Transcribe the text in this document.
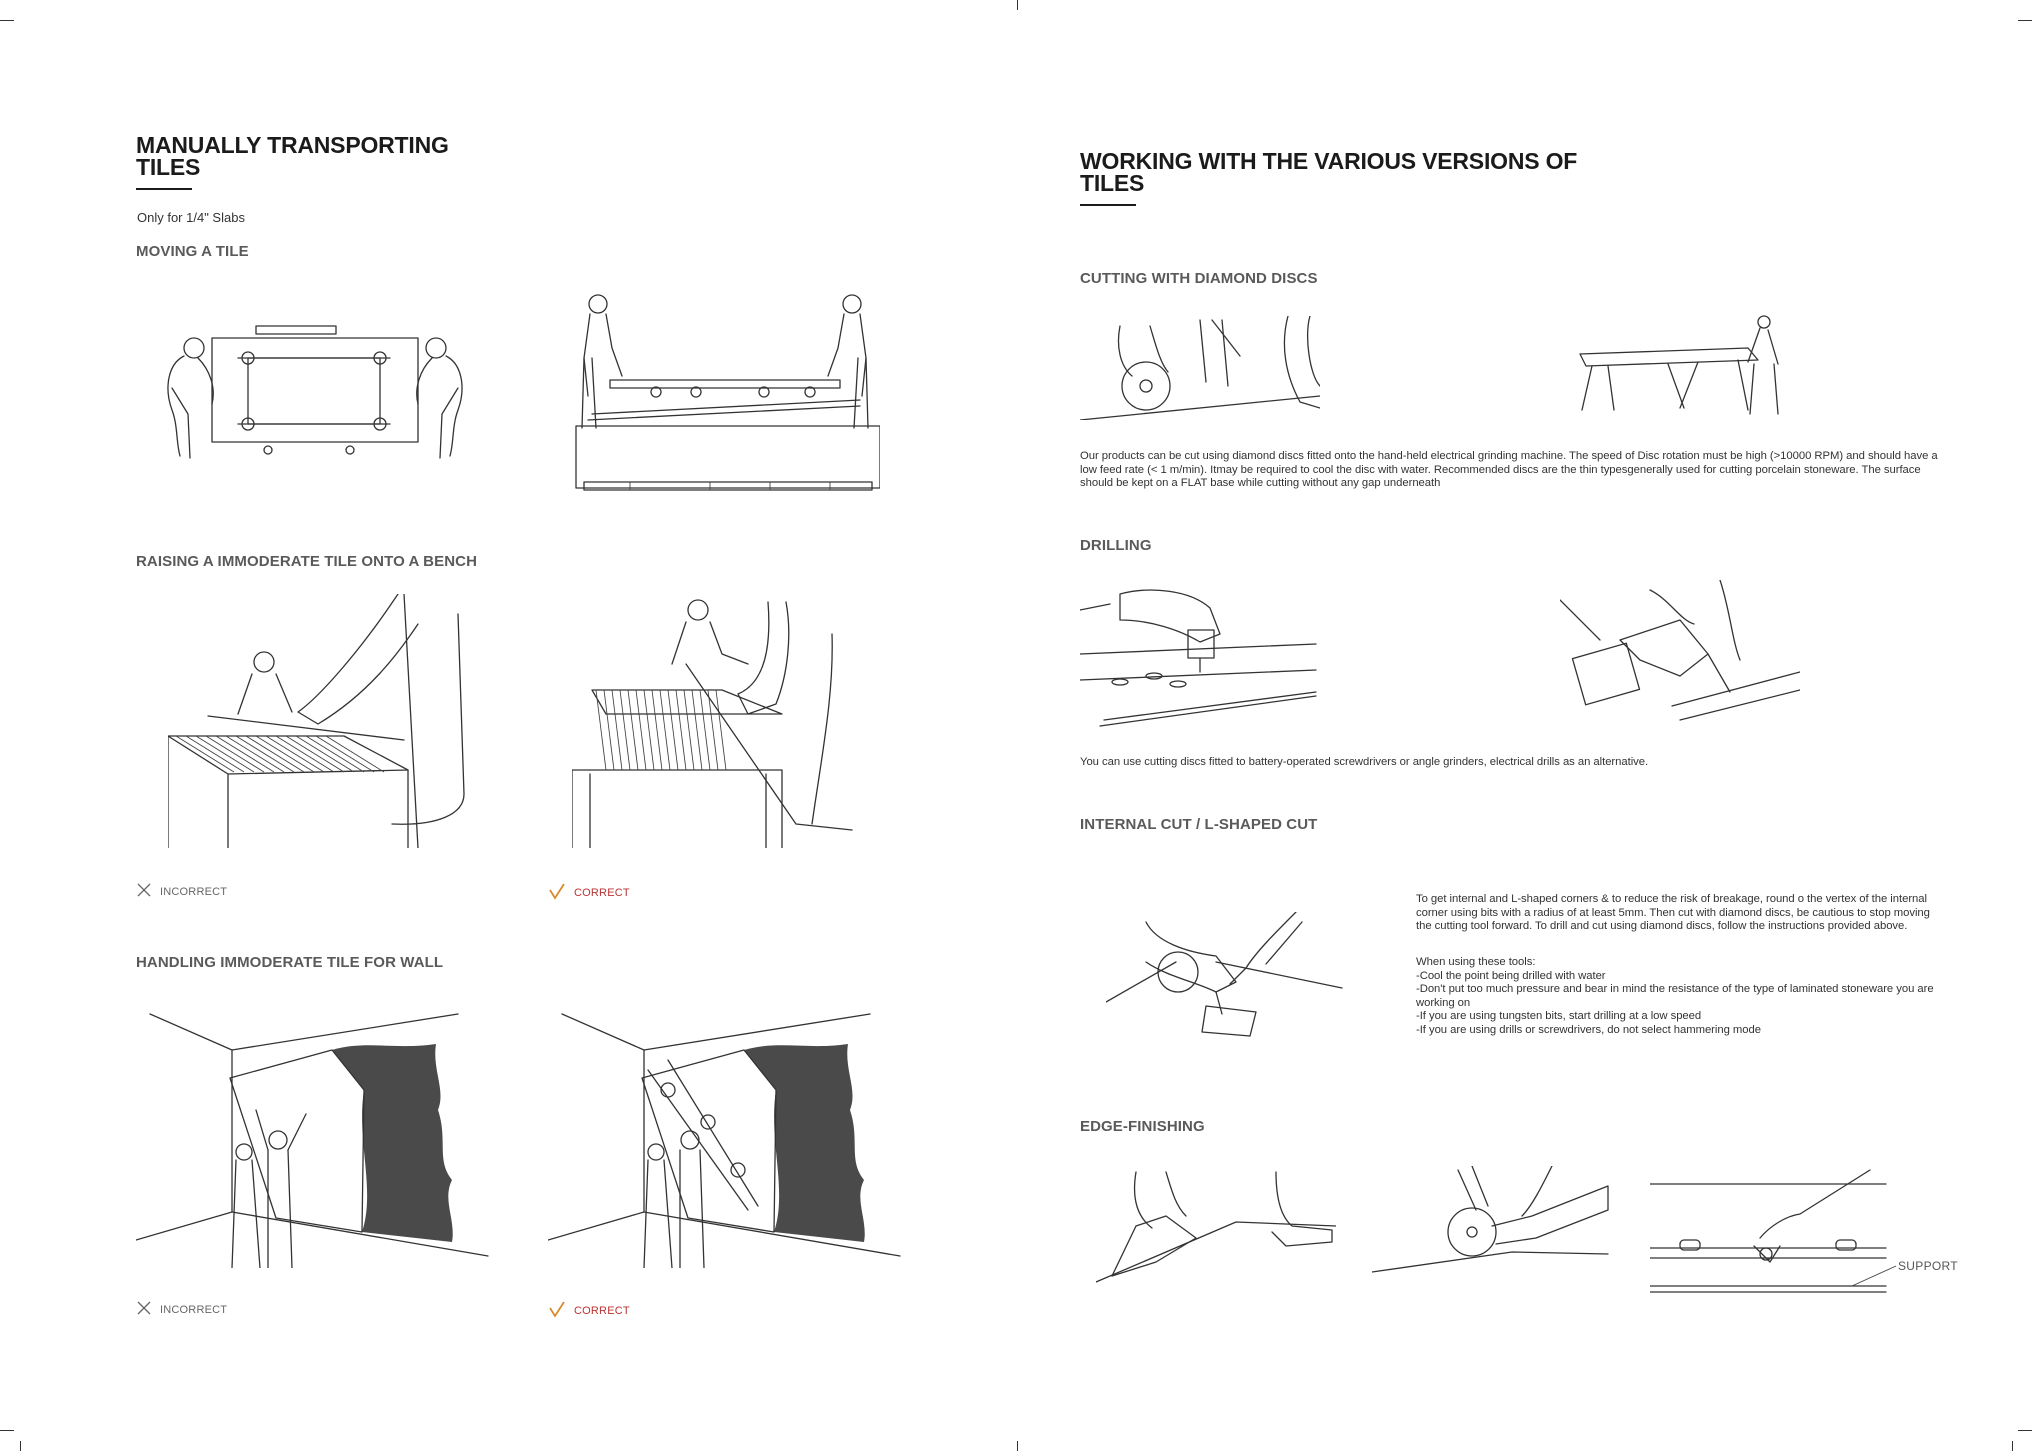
MANUALLY TRANSPORTING TILES
Only for 1/4" Slabs
MOVING A TILE
RAISING A IMMODERATE TILE ONTO A BENCH
INCORRECT	CORRECT
HANDLING IMMODERATE TILE FOR WALL
INCORRECT	CORRECT
WORKING WITH THE VARIOUS VERSIONS OF TILES
CUTTING WITH DIAMOND DISCS
Our products can be cut using diamond discs fitted onto the hand-held electrical grinding machine. The speed of Disc rotation must be high (>10000 RPM) and should have a low feed rate (< 1 m/min). Itmay be required to cool the disc with water. Recommended discs are the thin typesgenerally used for cutting porcelain stoneware. The surface should be kept on a FLAT base while cutting without any gap underneath
DRILLING
You can use cutting discs fitted to battery-operated screwdrivers or angle grinders, electrical drills as an alternative.
INTERNAL CUT / L-SHAPED CUT
To get internal and L-shaped corners & to reduce the risk of breakage, round o the vertex of the internal corner using bits with a radius of at least 5mm. Then cut with diamond discs, be cautious to stop moving the cutting tool forward. To drill and cut using diamond discs, follow the instructions provided above.
When using these tools:
-Cool the point being drilled with water
-Don't put too much pressure and bear in mind the resistance of the type of laminated stoneware you are working on
-If you are using tungsten bits, start drilling at a low speed
-If you are using drills or screwdrivers, do not select hammering mode
EDGE-FINISHING
SUPPORT
